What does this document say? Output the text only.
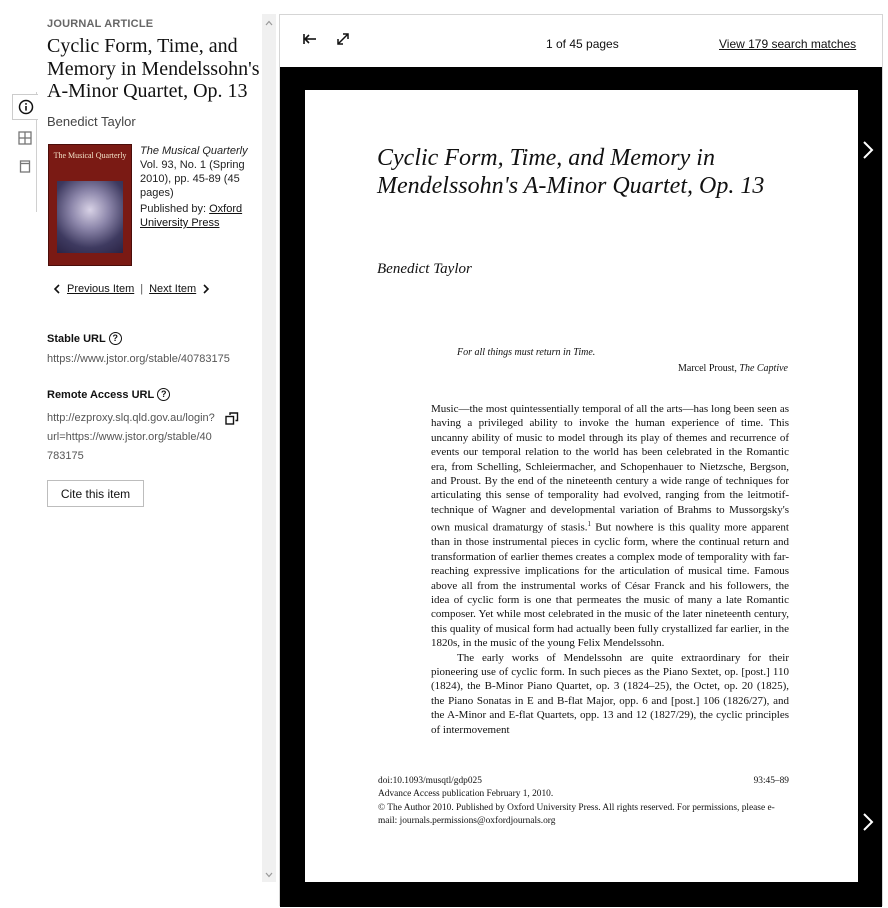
JOURNAL ARTICLE
Cyclic Form, Time, and Memory in Mendelssohn's A-Minor Quartet, Op. 13
Benedict Taylor
The Musical Quarterly	The Musical Quarterly
Vol. 93, No. 1 (Spring 2010), pp. 45-89 (45 pages)
Published by: Oxford University Press
Previous Item | Next Item
Stable URL ?
https://www.jstor.org/stable/40783175
Remote Access URL ?
http://ezproxy.slq.qld.gov.au/login?
url=https://www.jstor.org/stable/40
783175
Cite this item
1 of 45 pages	View 179 search matches
Cyclic Form, Time, and Memory in Mendelssohn's A-Minor Quartet, Op. 13
Benedict Taylor
For all things must return in Time.
Marcel Proust, The Captive

Music—the most quintessentially temporal of all the arts—has long been seen as having a privileged ability to invoke the human experience of time. This uncanny ability of music to model through its play of themes and recurrence of events our temporal relation to the world has been celebrated in the Romantic era, from Schelling, Schleiermacher, and Schopenhauer to Nietzsche, Bergson, and Proust. By the end of the nineteenth century a wide range of techniques for articulating this sense of temporality had evolved, ranging from the leitmotif-technique of Wagner and developmental variation of Brahms to Mussorgsky's own musical dramaturgy of stasis.$^1$ But nowhere is this quality more apparent than in those instrumental pieces in cyclic form, where the continual return and transformation of earlier themes creates a complex mode of temporality with far-reaching expressive implications for the articulation of musical time. Famous above all from the instrumental works of César Franck and his followers, the idea of cyclic form is one that permeates the music of many a late Romantic composer. Yet while most celebrated in the music of the later nineteenth century, this quality of musical form had actually been fully crystallized far earlier, in the 1820s, in the music of the young Felix Mendelssohn.

The early works of Mendelssohn are quite extraordinary for their pioneering use of cyclic form. In such pieces as the Piano Sextet, op. [post.] 110 (1824), the B-Minor Piano Quartet, op. 3 (1824–25), the Octet, op. 20 (1825), the Piano Sonatas in E and B-flat Major, opp. 6 and [post.] 106 (1826/27), and the A-Minor and E-flat Quartets, opp. 13 and 12 (1827/29), the cyclic principles of intermovement

doi:10.1093/musqtl/gdp025	93:45–89
Advance Access publication February 1, 2010.
© The Author 2010. Published by Oxford University Press. All rights reserved. For permissions, please e-mail: journals.permissions@oxfordjournals.org
